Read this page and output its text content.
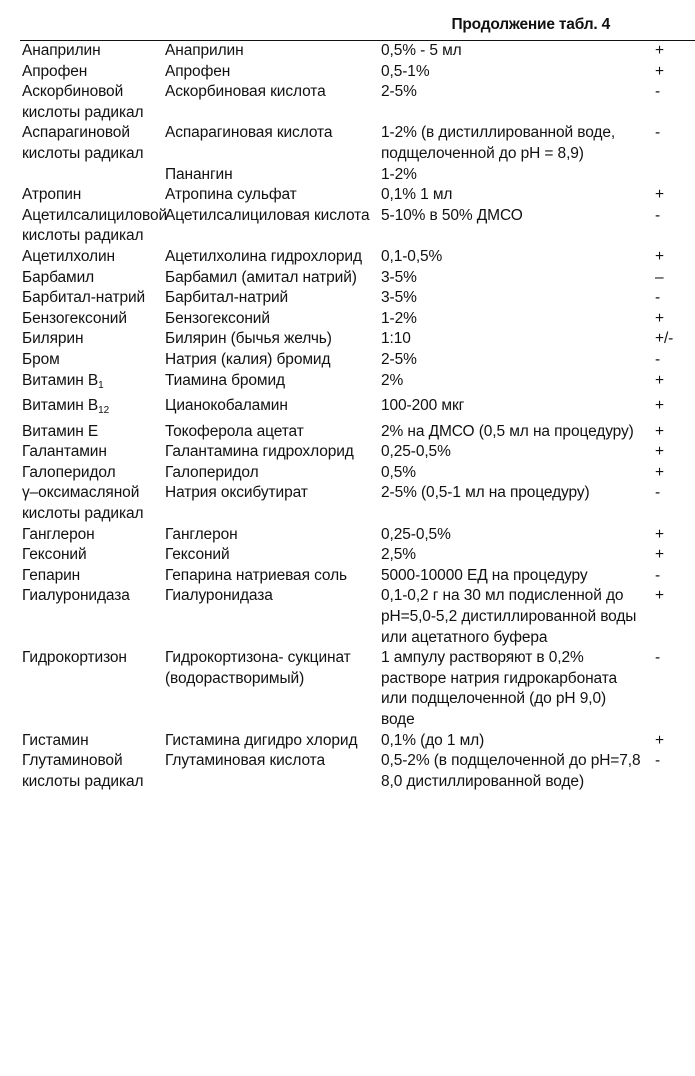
Продолжение табл. 4
Анаприлин	Анаприлин	0,5% - 5 мл	+
Апрофен	Апрофен	0,5-1%	+
Аскорбиновой кислоты радикал	Аскорбиновая кислота	2-5%	-
Аспарагиновой кислоты радикал	Аспарагиновая кислота	1-2% (в дистиллированной воде, подщелоченной до pH = 8,9)	-
	Панангин	1-2%	
Атропин	Атропина сульфат	0,1% 1 мл	+
Ацетилсалициловой кислоты радикал	Ацетилсалициловая кислота	5-10% в 50% ДМСО	-
Ацетилхолин	Ацетилхолина гидрохлорид	0,1-0,5%	+
Барбамил	Барбамил (амитал натрий)	3-5%	–
Барбитал-натрий	Барбитал-натрий	3-5%	-
Бензогексоний	Бензогексоний	1-2%	+
Билярин	Билярин (бычья желчь)	1:10	+/-
Бром	Натрия (калия) бромид	2-5%	-
Витамин $B_1$	Тиамина бромид	2%	+
Витамин $B_{12}$	Цианокобаламин	100-200 мкг	+
Витамин E	Токоферола ацетат	2% на ДМСО (0,5 мл на процедуру)	+
Галантамин	Галантамина гидрохлорид	0,25-0,5%	+
Галоперидол	Галоперидол	0,5%	+
γ–оксимасляной кислоты радикал	Натрия оксибутират	2-5% (0,5-1 мл на процедуру)	-
Ганглерон	Ганглерон	0,25-0,5%	+
Гексоний	Гексоний	2,5%	+
Гепарин	Гепарина натриевая соль	5000-10000 ЕД на процедуру	-
Гиалуронидаза	Гиалуронидаза	0,1-0,2 г на 30 мл подисленной до pH=5,0-5,2 дистиллированной воды или ацетатного буфера	+
Гидрокортизон	Гидрокортизона- сукцинат (водорастворимый)	1 ампулу растворяют в 0,2% растворе натрия гидрокарбоната или подщелоченной (до pH 9,0) воде	-
Гистамин	Гистамина дигидро хлорид	0,1% (до 1 мл)	+
Глутаминовой кислоты радикал	Глутаминовая кислота	0,5-2% (в подщелоченной до pH=7,8 8,0 дистиллированной воде)	-
